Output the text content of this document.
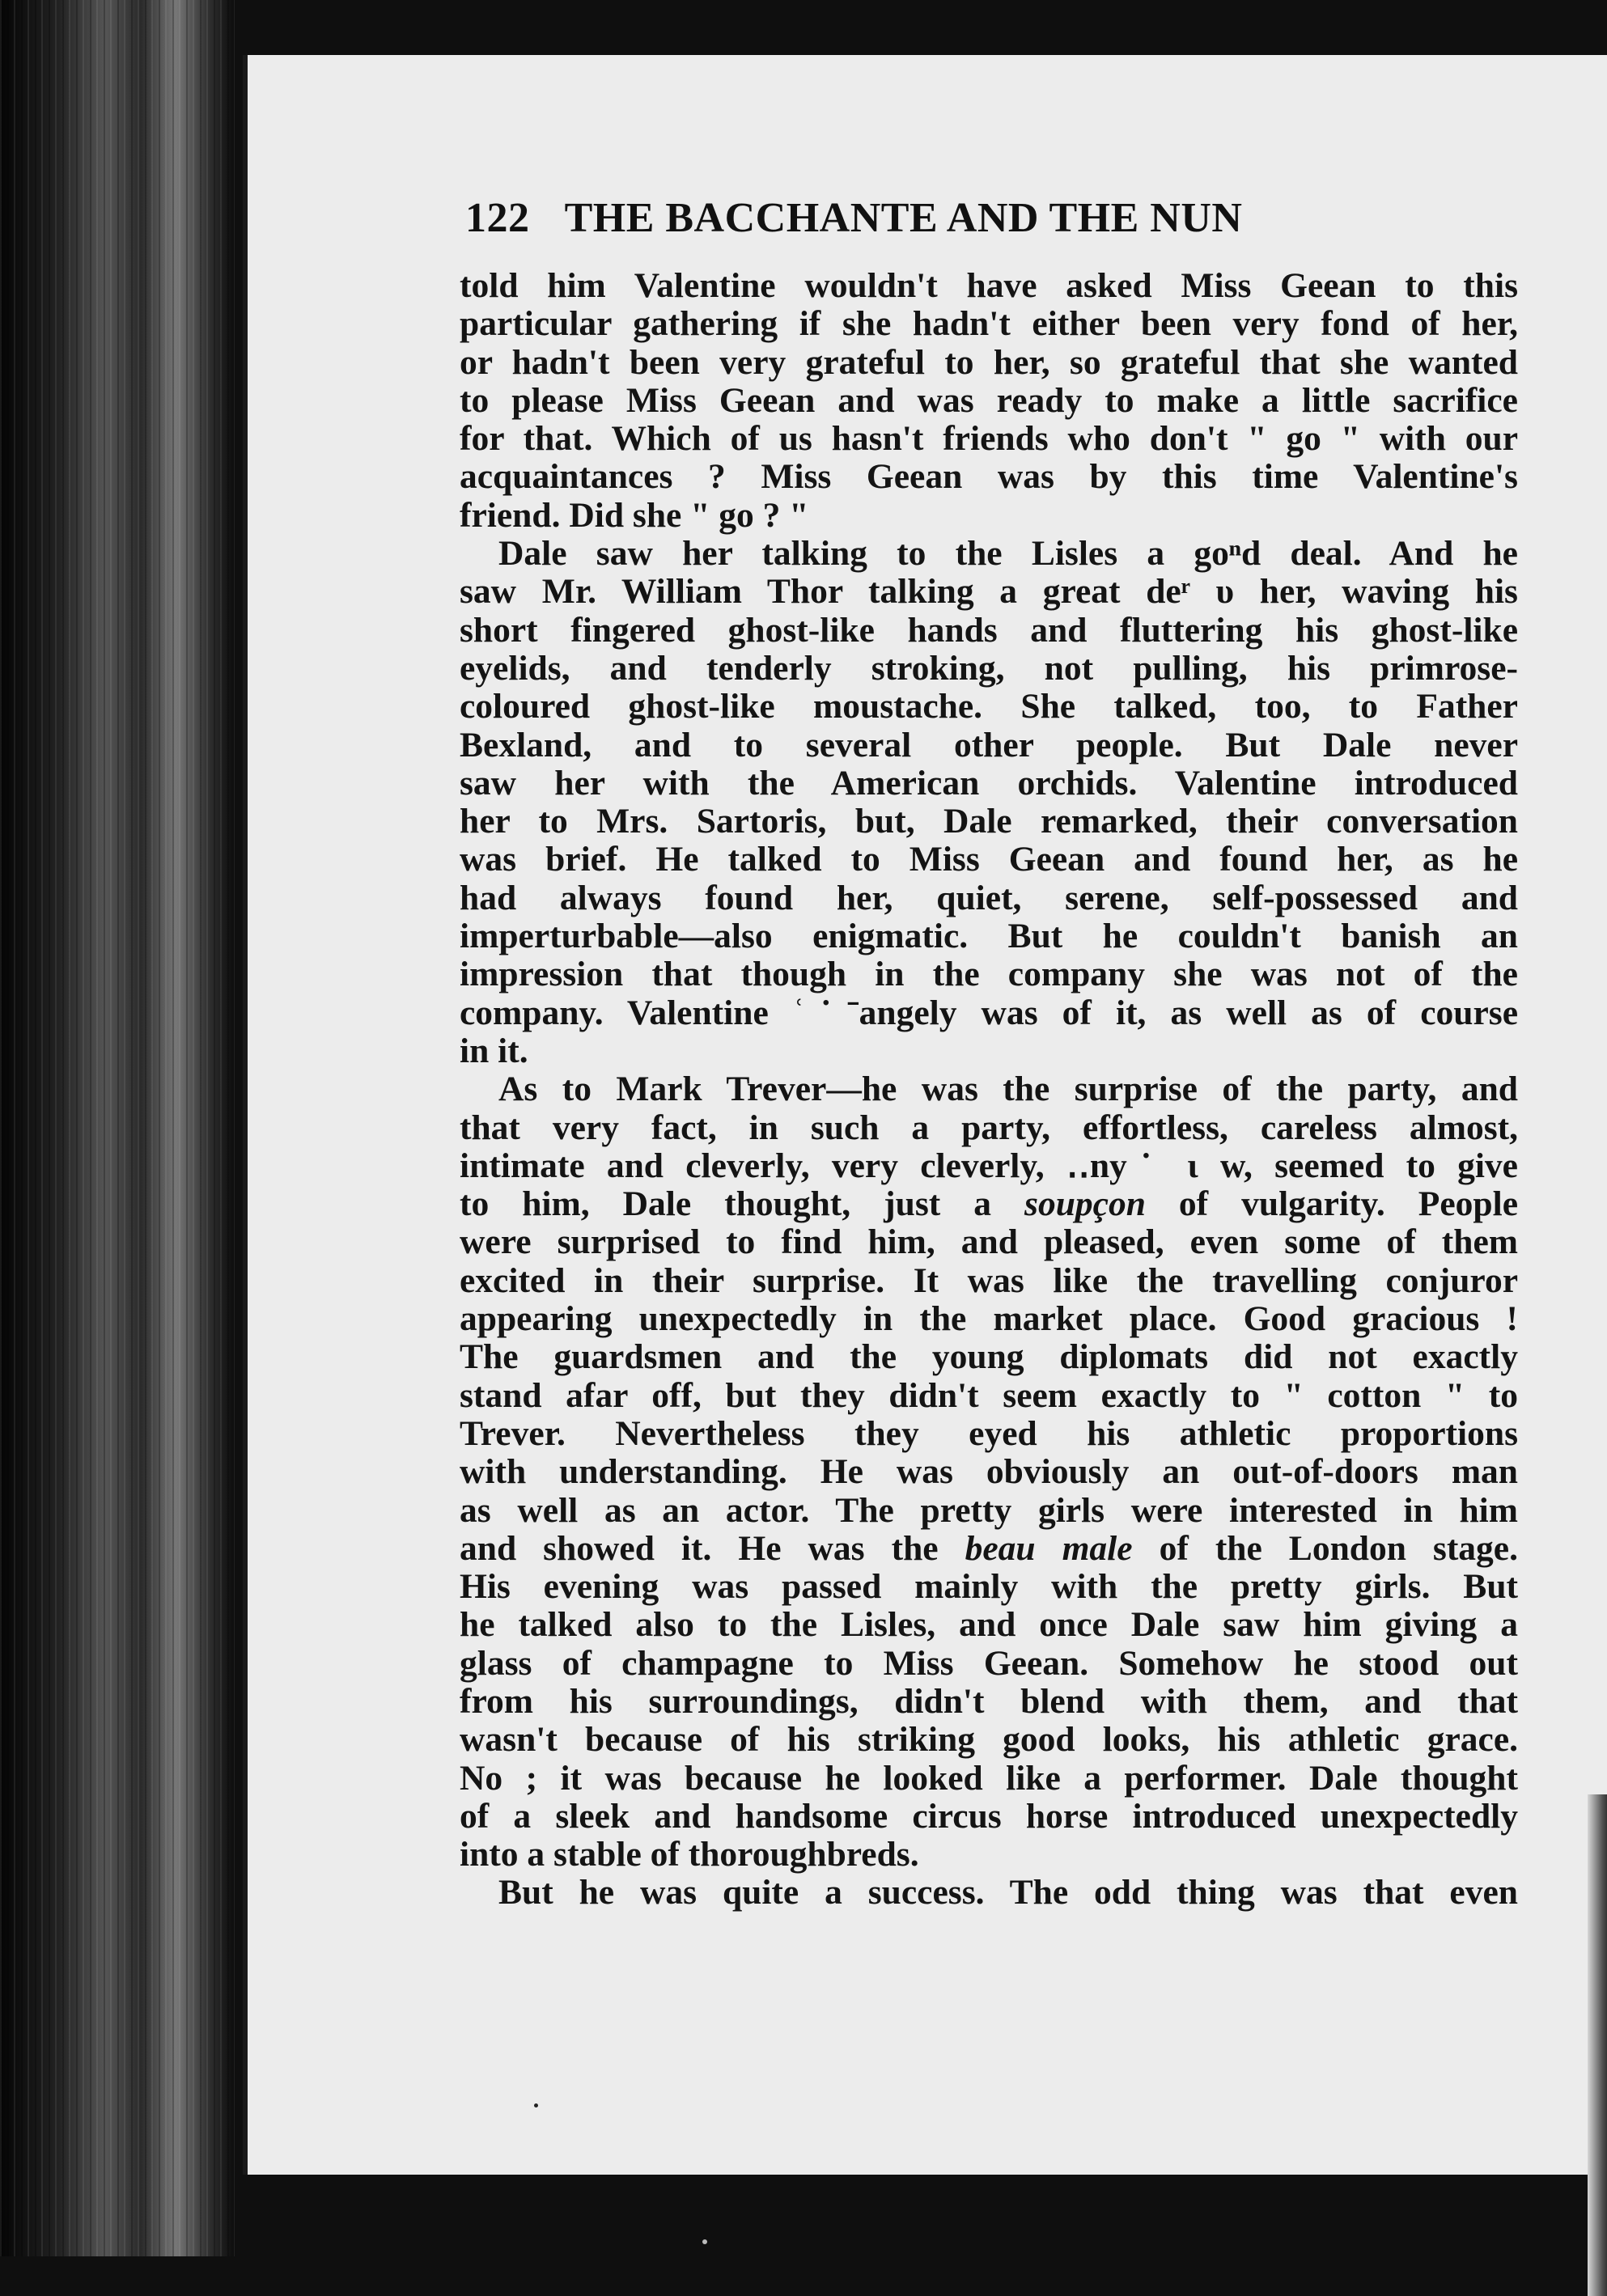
122 THE BACCHANTE AND THE NUN

told him Valentine wouldn't have asked Miss Geean to this
particular gathering if she hadn't either been very fond of her,
or hadn't been very grateful to her, so grateful that she wanted
to please Miss Geean and was ready to make a little sacrifice
for that. Which of us hasn't friends who don't " go " with our
acquaintances ? Miss Geean was by this time Valentine's
friend. Did she " go ? "

Dale saw her talking to the Lisles a goⁿd deal. And he
saw Mr. William Thor talking a great deʳ υ her, waving his
short fingered ghost-like hands and fluttering his ghost-like
eyelids, and tenderly stroking, not pulling, his primrose-
coloured ghost-like moustache. She talked, too, to Father
Bexland, and to several other people. But Dale never
saw her with the American orchids. Valentine introduced
her to Mrs. Sartoris, but, Dale remarked, their conversation
was brief. He talked to Miss Geean and found her, as he
had always found her, quiet, serene, self-possessed and
imperturbable—also enigmatic. But he couldn't banish an
impression that though in the company she was not of the
company. Valentine ʿ˙ˉangely was of it, as well as of course
in it.

As to Mark Trever—he was the surprise of the party, and
that very fact, in such a party, effortless, careless almost,
intimate and cleverly, very cleverly, ‥ny˙ ι w, seemed to give
to him, Dale thought, just a soupçon of vulgarity. People
were surprised to find him, and pleased, even some of them
excited in their surprise. It was like the travelling conjuror
appearing unexpectedly in the market place. Good gracious !
The guardsmen and the young diplomats did not exactly
stand afar off, but they didn't seem exactly to " cotton " to
Trever. Nevertheless they eyed his athletic proportions
with understanding. He was obviously an out-of-doors man
as well as an actor. The pretty girls were interested in him
and showed it. He was the beau male of the London stage.
His evening was passed mainly with the pretty girls. But
he talked also to the Lisles, and once Dale saw him giving a
glass of champagne to Miss Geean. Somehow he stood out
from his surroundings, didn't blend with them, and that
wasn't because of his striking good looks, his athletic grace.
No ; it was because he looked like a performer. Dale thought
of a sleek and handsome circus horse introduced unexpectedly
into a stable of thoroughbreds.

But he was quite a success. The odd thing was that even
